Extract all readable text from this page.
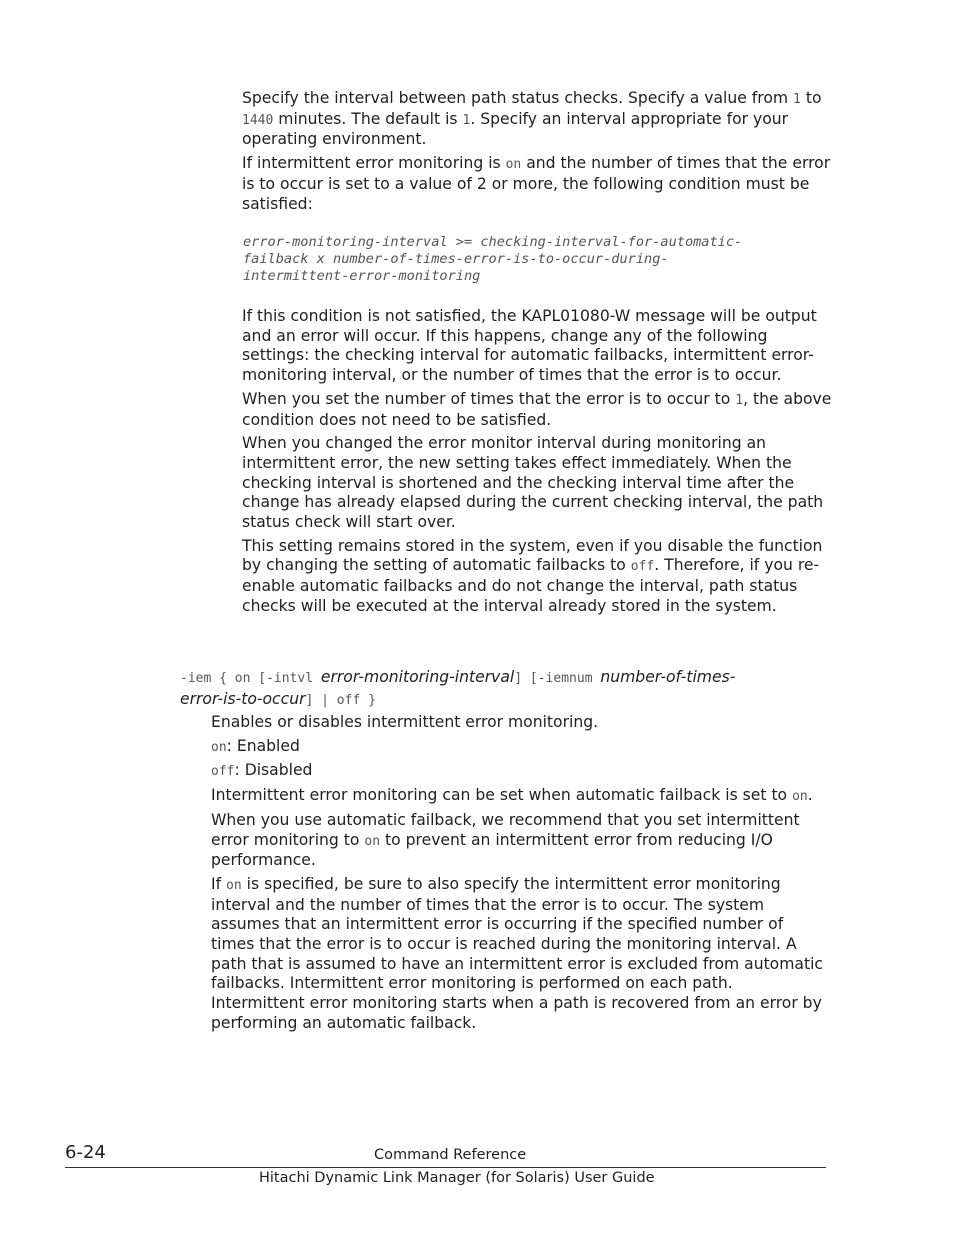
Specify the interval between path status checks. Specify a value from 1 to 1440 minutes. The default is 1. Specify an interval appropriate for your operating environment.

If intermittent error monitoring is on and the number of times that the error is to occur is set to a value of 2 or more, the following condition must be satisfied:

error-monitoring-interval >= checking-interval-for-automatic-
failback x number-of-times-error-is-to-occur-during-
intermittent-error-monitoring

If this condition is not satisfied, the KAPL01080-W message will be output and an error will occur. If this happens, change any of the following settings: the checking interval for automatic failbacks, intermittent error-monitoring interval, or the number of times that the error is to occur.

When you set the number of times that the error is to occur to 1, the above condition does not need to be satisfied.

When you changed the error monitor interval during monitoring an intermittent error, the new setting takes effect immediately. When the checking interval is shortened and the checking interval time after the change has already elapsed during the current checking interval, the path status check will start over.

This setting remains stored in the system, even if you disable the function by changing the setting of automatic failbacks to off. Therefore, if you re-enable automatic failbacks and do not change the interval, path status checks will be executed at the interval already stored in the system.

-iem { on [-intvl error-monitoring-interval] [-iemnum number-of-times-
error-is-to-occur] | off }

Enables or disables intermittent error monitoring.

on: Enabled

off: Disabled

Intermittent error monitoring can be set when automatic failback is set to on.

When you use automatic failback, we recommend that you set intermittent error monitoring to on to prevent an intermittent error from reducing I/O performance.

If on is specified, be sure to also specify the intermittent error monitoring interval and the number of times that the error is to occur. The system assumes that an intermittent error is occurring if the specified number of times that the error is to occur is reached during the monitoring interval. A path that is assumed to have an intermittent error is excluded from automatic failbacks. Intermittent error monitoring is performed on each path. Intermittent error monitoring starts when a path is recovered from an error by performing an automatic failback.

6-24	Command Reference
Hitachi Dynamic Link Manager (for Solaris) User Guide
